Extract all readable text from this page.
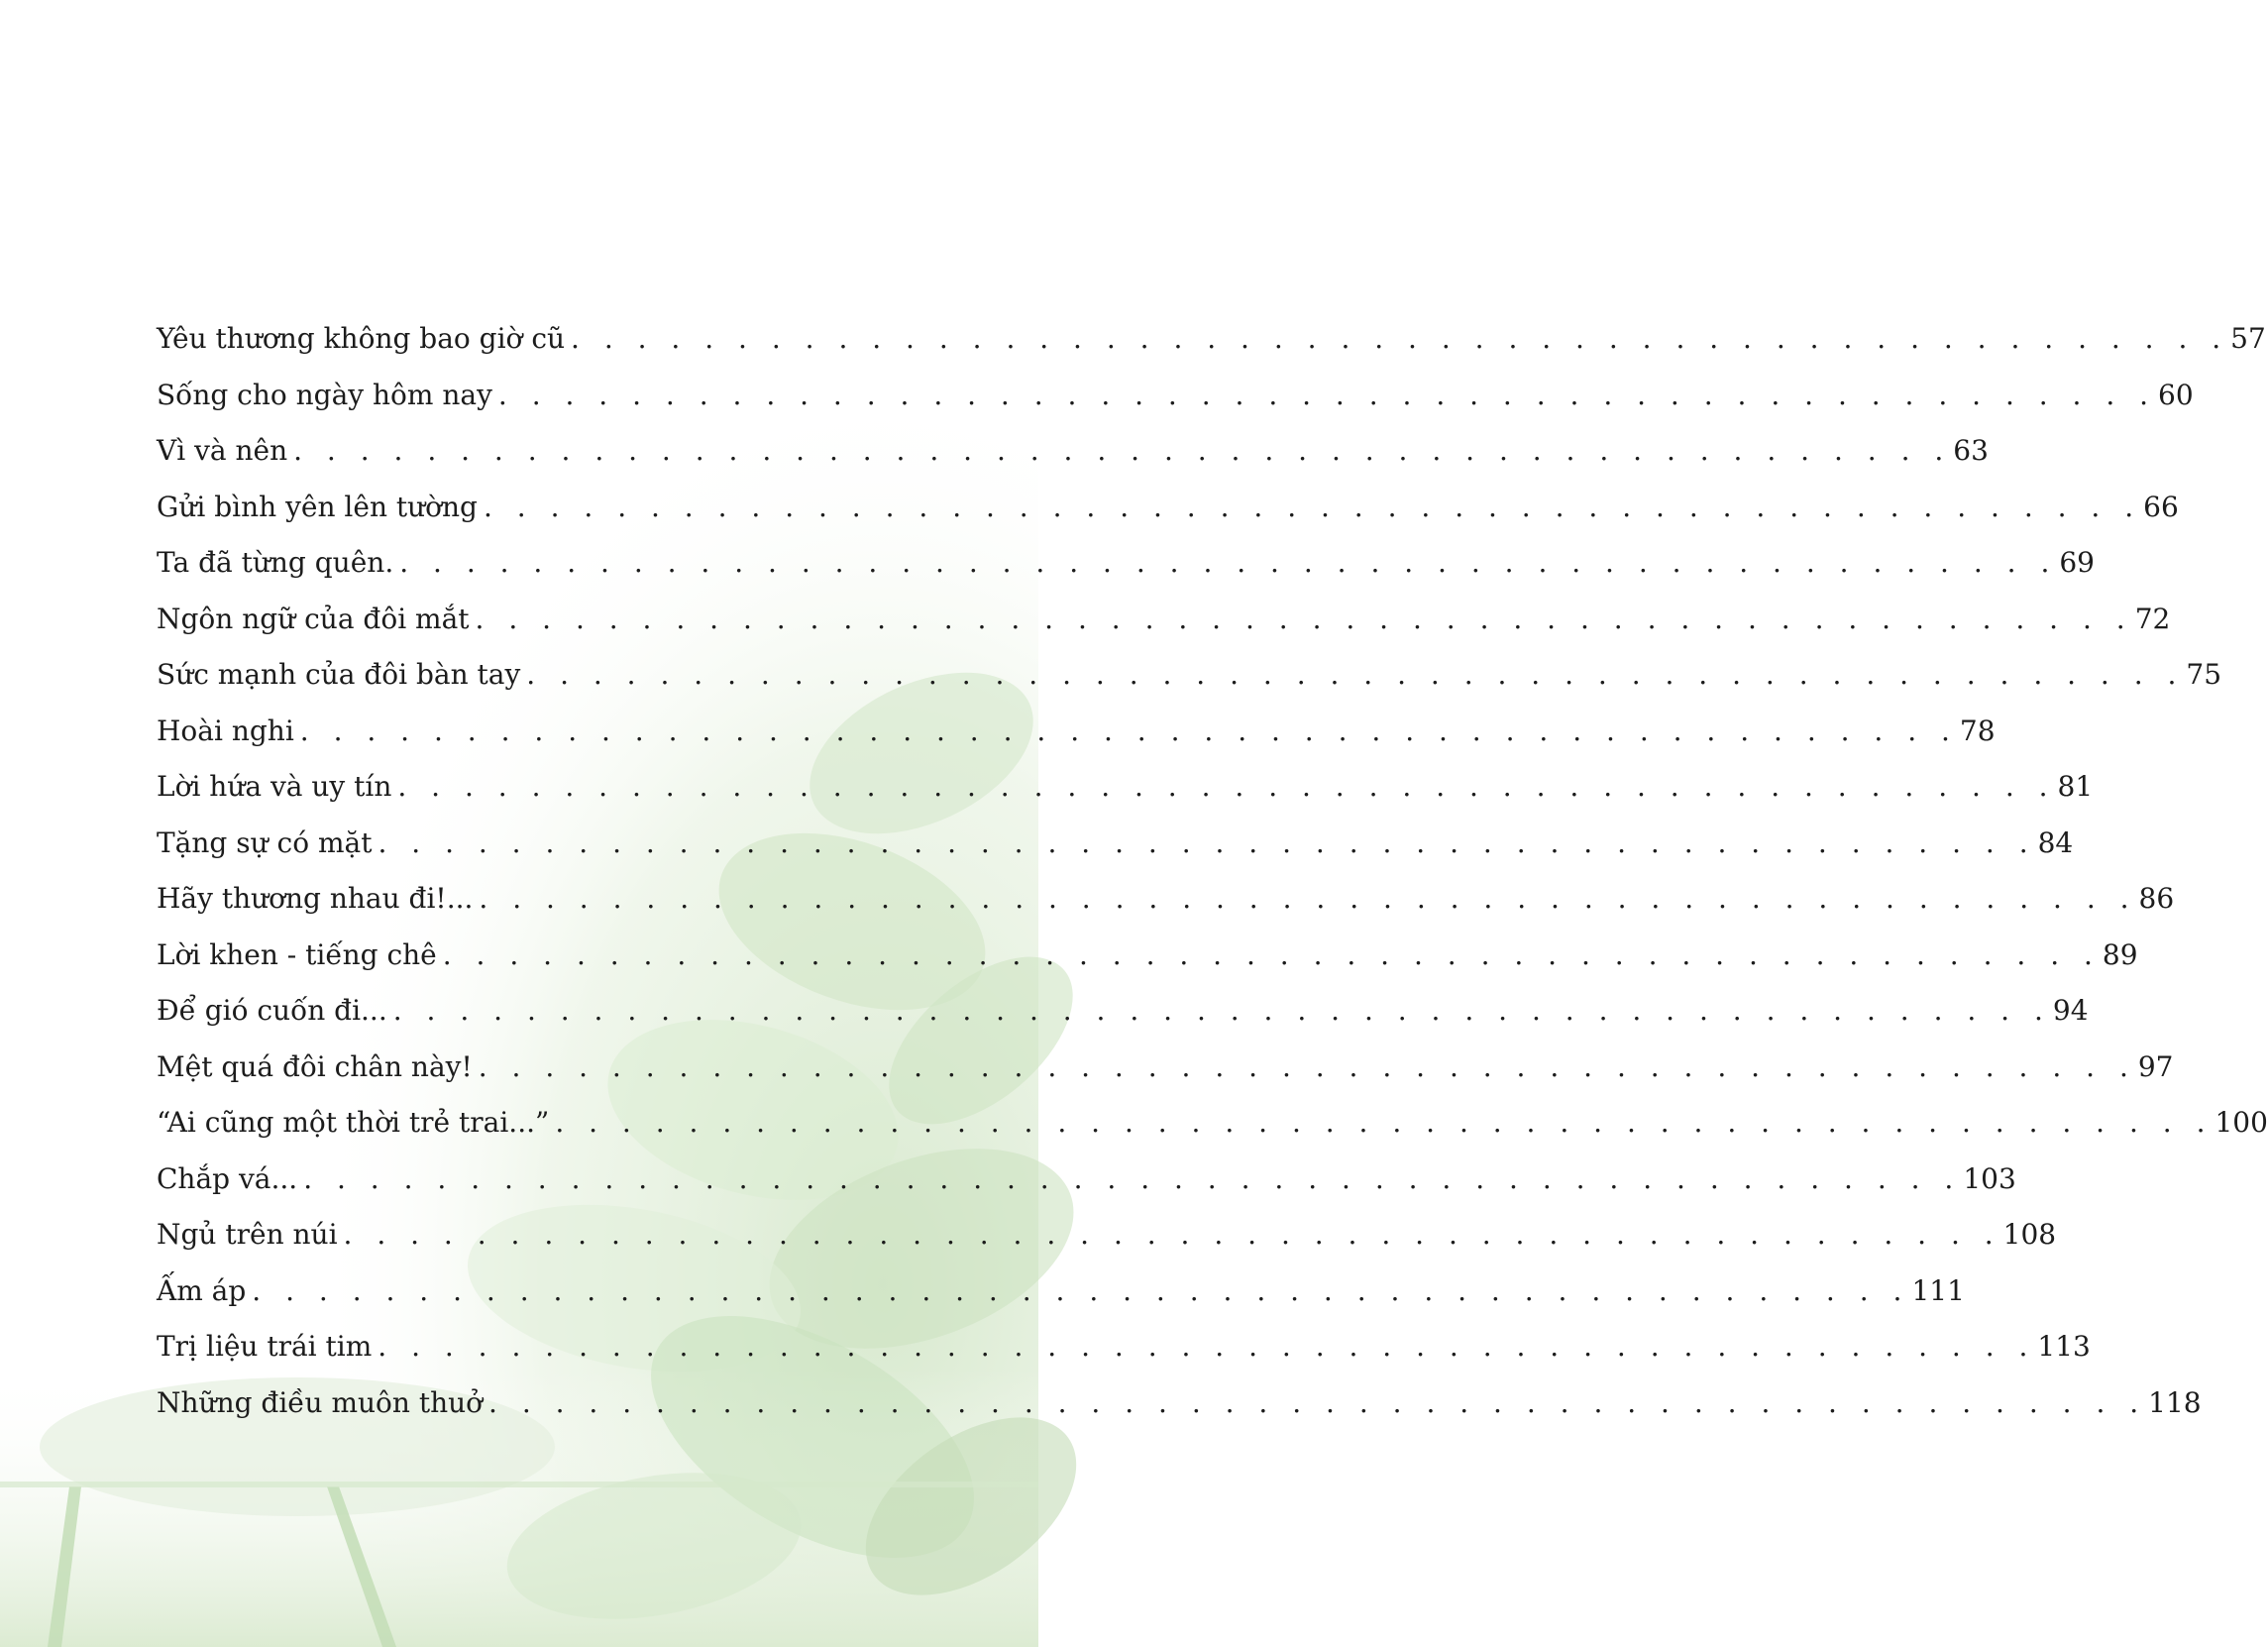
Yêu thương không bao giờ cũ . . . . . . . . . . . . . . . . . . . . . . . . . . . . . . . . . . . . . . . . . . . . . . . . . . 57
Sống cho ngày hôm nay . . . . . . . . . . . . . . . . . . . . . . . . . . . . . . . . . . . . . . . . . . . . . . . . . . 60
Vì và nên . . . . . . . . . . . . . . . . . . . . . . . . . . . . . . . . . . . . . . . . . . . . . . . . . . 63
Gửi bình yên lên tường . . . . . . . . . . . . . . . . . . . . . . . . . . . . . . . . . . . . . . . . . . . . . . . . . . 66
Ta đã từng quên. . . . . . . . . . . . . . . . . . . . . . . . . . . . . . . . . . . . . . . . . . . . . . . . . . . 69
Ngôn ngữ của đôi mắt . . . . . . . . . . . . . . . . . . . . . . . . . . . . . . . . . . . . . . . . . . . . . . . . . . 72
Sức mạnh của đôi bàn tay . . . . . . . . . . . . . . . . . . . . . . . . . . . . . . . . . . . . . . . . . . . . . . . . . . 75
Hoài nghi . . . . . . . . . . . . . . . . . . . . . . . . . . . . . . . . . . . . . . . . . . . . . . . . . . 78
Lời hứa và uy tín . . . . . . . . . . . . . . . . . . . . . . . . . . . . . . . . . . . . . . . . . . . . . . . . . . 81
Tặng sự có mặt . . . . . . . . . . . . . . . . . . . . . . . . . . . . . . . . . . . . . . . . . . . . . . . . . . 84
Hãy thương nhau đi!... . . . . . . . . . . . . . . . . . . . . . . . . . . . . . . . . . . . . . . . . . . . . . . . . . . 86
Lời khen - tiếng chê . . . . . . . . . . . . . . . . . . . . . . . . . . . . . . . . . . . . . . . . . . . . . . . . . . 89
Để gió cuốn đi... . . . . . . . . . . . . . . . . . . . . . . . . . . . . . . . . . . . . . . . . . . . . . . . . . . 94
Mệt quá đôi chân này! . . . . . . . . . . . . . . . . . . . . . . . . . . . . . . . . . . . . . . . . . . . . . . . . . . 97
“Ai cũng một thời trẻ trai...” . . . . . . . . . . . . . . . . . . . . . . . . . . . . . . . . . . . . . . . . . . . . . . . . . . 100
Chắp vá... . . . . . . . . . . . . . . . . . . . . . . . . . . . . . . . . . . . . . . . . . . . . . . . . . . 103
Ngủ trên núi . . . . . . . . . . . . . . . . . . . . . . . . . . . . . . . . . . . . . . . . . . . . . . . . . . 108
Ấm áp . . . . . . . . . . . . . . . . . . . . . . . . . . . . . . . . . . . . . . . . . . . . . . . . . . 111
Trị liệu trái tim . . . . . . . . . . . . . . . . . . . . . . . . . . . . . . . . . . . . . . . . . . . . . . . . . . 113
Những điều muôn thuở . . . . . . . . . . . . . . . . . . . . . . . . . . . . . . . . . . . . . . . . . . . . . . . . . . 118
